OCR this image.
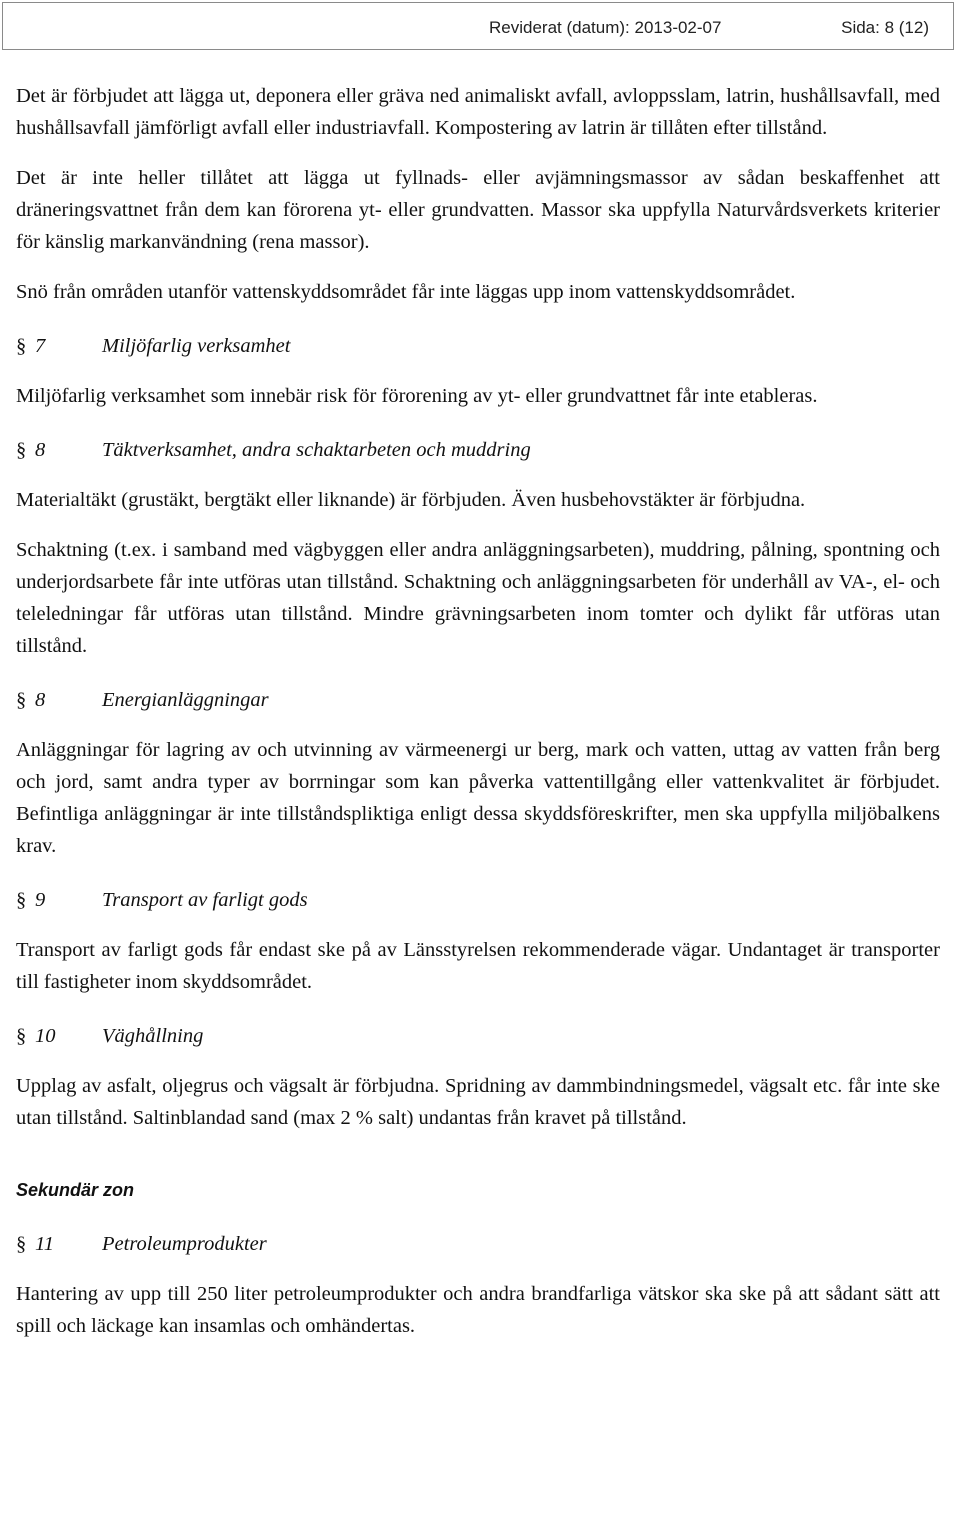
Reviderat (datum): 2013-02-07	Sida: 8 (12)

Det är förbjudet att lägga ut, deponera eller gräva ned animaliskt avfall, avloppsslam, latrin, hushållsavfall, med hushållsavfall jämförligt avfall eller industriavfall. Kompostering av latrin är tillåten efter tillstånd.

Det är inte heller tillåtet att lägga ut fyllnads- eller avjämningsmassor av sådan beskaffenhet att dräneringsvattnet från dem kan förorena yt- eller grundvatten. Massor ska uppfylla Naturvårdsverkets kriterier för känslig markanvändning (rena massor).

Snö från områden utanför vattenskyddsområdet får inte läggas upp inom vattenskyddsområdet.

§ 7	Miljöfarlig verksamhet

Miljöfarlig verksamhet som innebär risk för förorening av yt- eller grundvattnet får inte etableras.

§ 8	Täktverksamhet, andra schaktarbeten och muddring

Materialtäkt (grustäkt, bergtäkt eller liknande) är förbjuden. Även husbehovstäkter är förbjudna.

Schaktning (t.ex. i samband med vägbyggen eller andra anläggningsarbeten), muddring, pålning, spontning och underjordsarbete får inte utföras utan tillstånd. Schaktning och anläggningsarbeten för underhåll av VA-, el- och teleledningar får utföras utan tillstånd. Mindre grävningsarbeten inom tomter och dylikt får utföras utan tillstånd.

§ 8	Energianläggningar

Anläggningar för lagring av och utvinning av värmeenergi ur berg, mark och vatten, uttag av vatten från berg och jord, samt andra typer av borrningar som kan påverka vattentillgång eller vattenkvalitet är förbjudet. Befintliga anläggningar är inte tillståndspliktiga enligt dessa skyddsföreskrifter, men ska uppfylla miljöbalkens krav.

§ 9	Transport av farligt gods

Transport av farligt gods får endast ske på av Länsstyrelsen rekommenderade vägar. Undantaget är transporter till fastigheter inom skyddsområdet.

§ 10 Väghållning

Upplag av asfalt, oljegrus och vägsalt är förbjudna. Spridning av dammbindningsmedel, vägsalt etc. får inte ske utan tillstånd. Saltinblandad sand (max 2 % salt) undantas från kravet på tillstånd.

Sekundär zon

§ 11 Petroleumprodukter

Hantering av upp till 250 liter petroleumprodukter och andra brandfarliga vätskor ska ske på att sådant sätt att spill och läckage kan insamlas och omhändertas.
